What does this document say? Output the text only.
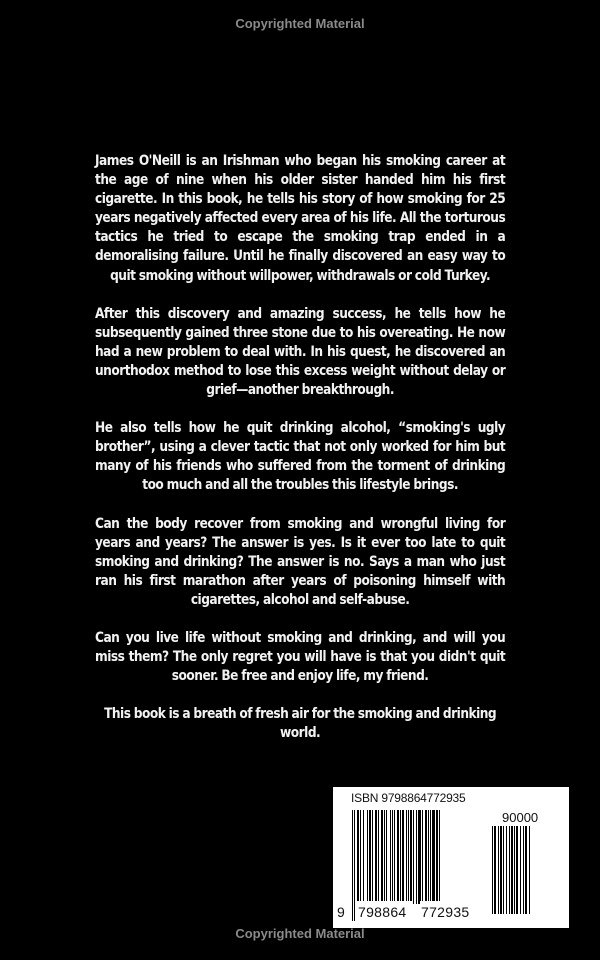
Copyrighted Material

James O'Neill is an Irishman who began his smoking career at the age of nine when his older sister handed him his first cigarette. In this book, he tells his story of how smoking for 25 years negatively affected every area of his life. All the torturous tactics he tried to escape the smoking trap ended in a demoralising failure. Until he finally discovered an easy way to quit smoking without willpower, withdrawals or cold Turkey.

After this discovery and amazing success, he tells how he subsequently gained three stone due to his overeating. He now had a new problem to deal with. In his quest, he discovered an unorthodox method to lose this excess weight without delay or grief—another breakthrough.

He also tells how he quit drinking alcohol, “smoking's ugly brother”, using a clever tactic that not only worked for him but many of his friends who suffered from the torment of drinking too much and all the troubles this lifestyle brings.

Can the body recover from smoking and wrongful living for years and years? The answer is yes. Is it ever too late to quit smoking and drinking? The answer is no. Says a man who just ran his first marathon after years of poisoning himself with cigarettes, alcohol and self-abuse.

Can you live life without smoking and drinking, and will you miss them? The only regret you will have is that you didn't quit sooner. Be free and enjoy life, my friend.

This book is a breath of fresh air for the smoking and drinking world.

ISBN 9798864772935
90000
9 798864 772935
Copyrighted Material
